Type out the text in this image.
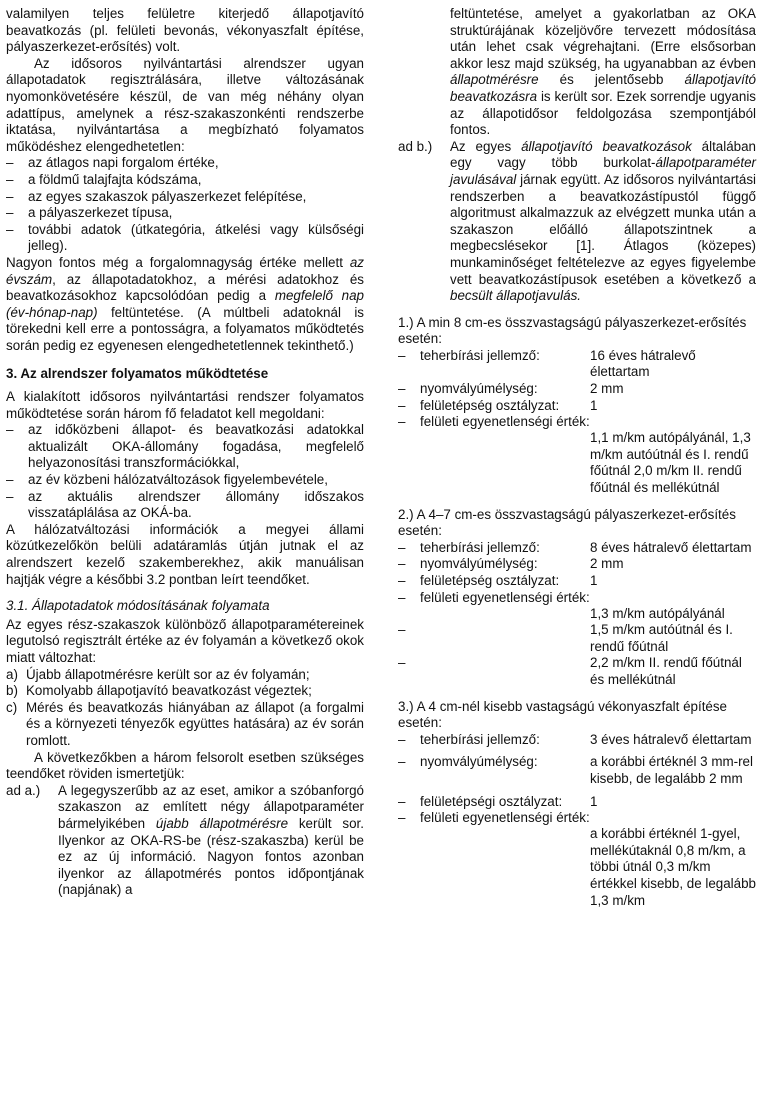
valamilyen teljes felületre kiterjedő állapotjavító beavatkozás (pl. felületi bevonás, vékonyaszfalt építése, pályaszerkezet-erősítés) volt.

Az idősoros nyilvántartási alrendszer ugyan állapotadatok regisztrálására, illetve változásának nyomonkövetésére készül, de van még néhány olyan adattípus, amelynek a rész-szakaszonkénti rendszerbe iktatása, nyilvántartása a megbízható folyamatos működéshez elengedhetetlen:

–	az átlagos napi forgalom értéke,
–	a földmű talajfajta kódszáma,
–	az egyes szakaszok pályaszerkezet felépítése,
–	a pályaszerkezet típusa,
–	további adatok (útkategória, átkelési vagy külsőségi jelleg).

Nagyon fontos még a forgalomnagyság értéke mellett az évszám, az állapotadatokhoz, a mérési adatokhoz és beavatkozásokhoz kapcsolódóan pedig a megfelelő nap (év-hónap-nap) feltüntetése. (A múltbeli adatoknál is törekedni kell erre a pontosságra, a folyamatos működtetés során pedig ez egyenesen elengedhetetlennek tekinthető.)

3. Az alrendszer folyamatos működtetése

A kialakított idősoros nyilvántartási rendszer folyamatos működtetése során három fő feladatot kell megoldani:

–	az időközbeni állapot- és beavatkozási adatokkal aktualizált OKA-állomány fogadása, megfelelő helyazonosítási transzformációkkal,
–	az év közbeni hálózatváltozások figyelembevétele,
–	az aktuális alrendszer állomány időszakos visszatáplálása az OKÁ-ba.

A hálózatváltozási információk a megyei állami közútkezelőkön belüli adatáramlás útján jutnak el az alrendszert kezelő szakemberekhez, akik manuálisan hajtják végre a későbbi 3.2 pontban leírt teendőket.

3.1. Állapotadatok módosításának folyamata

Az egyes rész-szakaszok különböző állapotparamétereinek legutolsó regisztrált értéke az év folyamán a következő okok miatt változhat:

a) Újabb állapotmérésre került sor az év folyamán;
b) Komolyabb állapotjavító beavatkozást végeztek;
c) Mérés és beavatkozás hiányában az állapot (a forgalmi és a környezeti tényezők együttes hatására) az év során romlott.

A következőkben a három felsorolt esetben szükséges teendőket röviden ismertetjük:

ad a.)	A legegyszerűbb az az eset, amikor a szóbanforgó szakaszon az említett négy állapotparaméter bármelyikében újabb állapotmérésre került sor. Ilyenkor az OKA-RS-be (rész-szakaszba) kerül be ez az új információ. Nagyon fontos azonban ilyenkor az állapotmérés pontos időpontjának (napjának) a

feltüntetése, amelyet a gyakorlatban az OKA struktúrájának közeljövőre tervezett módosítása után lehet csak végrehajtani. (Erre elsősorban akkor lesz majd szükség, ha ugyanabban az évben állapotmérésre és jelentősebb állapotjavító beavatkozásra is került sor. Ezek sorrendje ugyanis az állapotidősor feldolgozása szempontjából fontos.

ad b.)	Az egyes állapotjavító beavatkozások általában egy vagy több burkolat-állapotparaméter javulásával járnak együtt. Az idősoros nyilvántartási rendszerben a beavatkozástípustól függő algoritmust alkalmazzuk az elvégzett munka után a szakaszon előálló állapotszintnek a megbecslésekor [1]. Átlagos (közepes) munkaminőséget feltételezve az egyes figyelembe vett beavatkozástípusok esetében a következő a becsült állapotjavulás.

1.) A min 8 cm-es összvastagságú pályaszerkezet-erősítés esetén:

–	teherbírási jellemző:	16 éves hátralevő élettartam
–	nyomvályúmélység:	2 mm
–	felületépség osztályzat:	1
–	felületi egyenetlenségi érték:
1,1 m/km autópályánál, 1,3 m/km autóútnál és I. rendű főútnál 2,0 m/km II. rendű főútnál és mellékútnál

2.) A 4–7 cm-es összvastagságú pályaszerkezet-erősítés esetén:

–	teherbírási jellemző:	8 éves hátralevő élettartam
–	nyomvályúmélység:	2 mm
–	felületépség osztályzat:	1
–	felületi egyenetlenségi érték:
1,3 m/km autópályánál
–	1,5 m/km autóútnál és I. rendű főútnál
–	2,2 m/km II. rendű főútnál és mellékútnál

3.) A 4 cm-nél kisebb vastagságú vékonyaszfalt építése esetén:

–	teherbírási jellemző:	3 éves hátralevő élettartam
–	nyomvályúmélység:	a korábbi értéknél 3 mm-rel kisebb, de legalább 2 mm
–	felületépségi osztályzat:	1
–	felületi egyenetlenségi érték:
a korábbi értéknél 1-gyel, mellékútaknál 0,8 m/km, a többi útnál 0,3 m/km értékkel kisebb, de legalább 1,3 m/km
